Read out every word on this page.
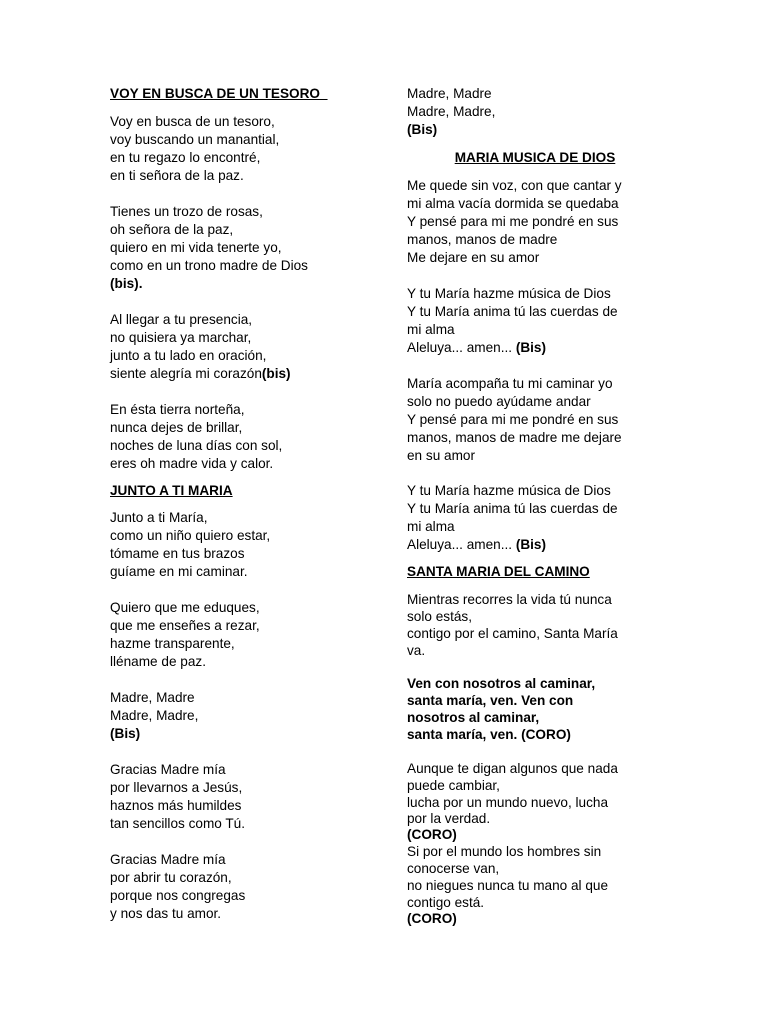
VOY EN BUSCA DE UN TESORO
Voy en busca de un tesoro,
voy buscando un manantial,
en tu regazo lo encontré,
en ti señora de la paz.
Tienes un trozo de rosas,
oh señora de la paz,
quiero en mi vida tenerte yo,
como en un trono madre de Dios
(bis).
Al llegar a tu presencia,
no quisiera ya marchar,
junto a tu lado en oración,
siente alegría mi corazón(bis)
En ésta tierra norteña,
nunca dejes de brillar,
noches de luna días con sol,
eres oh madre vida y calor.
JUNTO A TI MARIA
Junto a ti María,
como un niño quiero estar,
tómame en tus brazos
guíame en mi caminar.
Quiero que me eduques,
que me enseñes a rezar,
hazme transparente,
lléname de paz.
Madre, Madre
Madre, Madre,
(Bis)
Gracias Madre mía
por llevarnos a Jesús,
haznos más humildes
tan sencillos como Tú.
Gracias Madre mía
por abrir tu corazón,
porque nos congregas
y nos das tu amor.
Madre, Madre
Madre, Madre,
(Bis)
MARIA MUSICA DE DIOS
Me quede sin voz, con que cantar y
mi alma vacía dormida se quedaba
Y pensé para mi me pondré en sus
manos, manos de madre
Me dejare en su amor
Y tu María hazme música de Dios
Y tu María anima tú las cuerdas de
mi alma
Aleluya... amen... (Bis)
María acompaña tu mi caminar yo
solo no puedo ayúdame andar
Y pensé para mi me pondré en sus
manos, manos de madre me dejare
en su amor
Y tu María hazme música de Dios
Y tu María anima tú las cuerdas de
mi alma
Aleluya... amen... (Bis)
SANTA MARIA DEL CAMINO
Mientras recorres la vida tú nunca
solo estás,
contigo por el camino, Santa María
va.
Ven con nosotros al caminar,
santa maría, ven. Ven con
nosotros al caminar,
santa maría, ven. (CORO)
Aunque te digan algunos que nada
puede cambiar,
lucha por un mundo nuevo, lucha
por la verdad.
(CORO)
Si por el mundo los hombres sin
conocerse van,
no niegues nunca tu mano al que
contigo está.
(CORO)
